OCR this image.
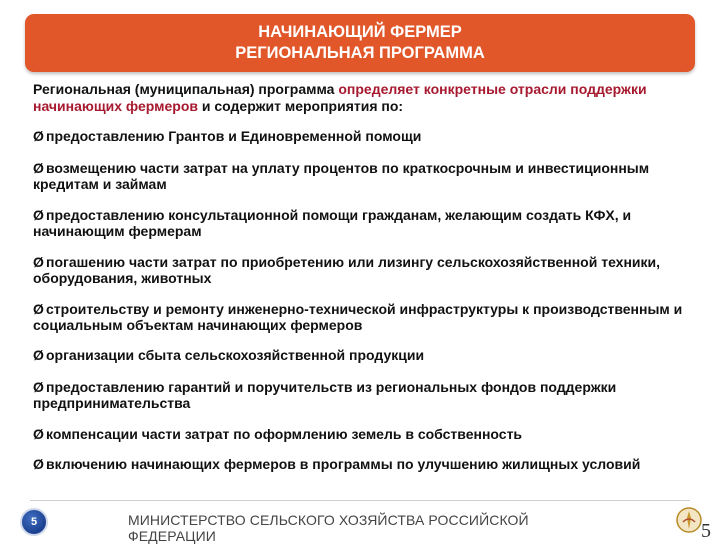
НАЧИНАЮЩИЙ ФЕРМЕР
РЕГИОНАЛЬНАЯ ПРОГРАММА
Региональная (муниципальная) программа определяет конкретные отрасли поддержки начинающих фермеров и содержит мероприятия по:
Ø предоставлению Грантов и Единовременной помощи
Ø возмещению части затрат на уплату процентов по краткосрочным и инвестиционным кредитам и займам
Ø предоставлению консультационной помощи гражданам, желающим создать КФХ, и начинающим фермерам
Ø погашению части затрат по приобретению или лизингу сельскохозяйственной техники, оборудования, животных
Ø строительству и ремонту инженерно-технической инфраструктуры к производственным и социальным объектам начинающих фермеров
Ø организации сбыта сельскохозяйственной продукции
Ø предоставлению гарантий и поручительств из региональных фондов поддержки предпринимательства
Ø компенсации части затрат по оформлению земель в собственность
Ø включению начинающих фермеров в программы по улучшению жилищных условий
5	МИНИСТЕРСТВО СЕЛЬСКОГО ХОЗЯЙСТВА РОССИЙСКОЙ ФЕДЕРАЦИИ	5
